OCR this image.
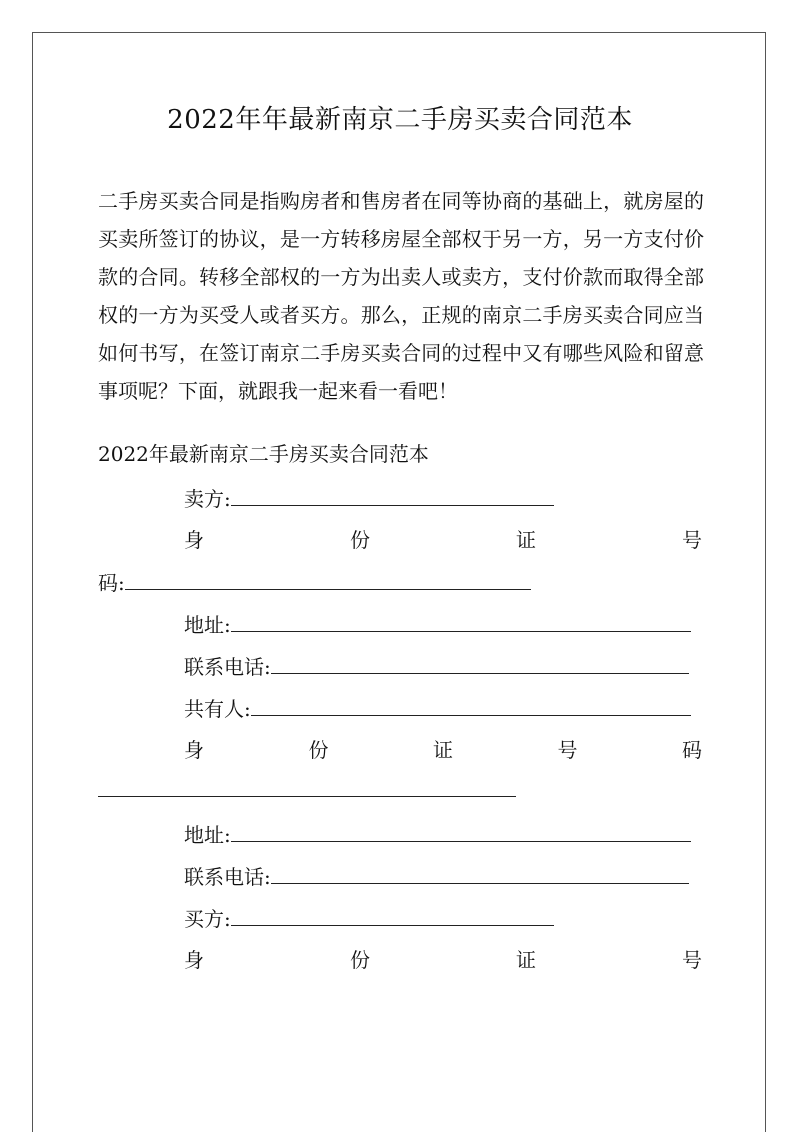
2022年年最新南京二手房买卖合同范本
二手房买卖合同是指购房者和售房者在同等协商的基础上，就房屋的买卖所签订的协议，是一方转移房屋全部权于另一方，另一方支付价款的合同。转移全部权的一方为出卖人或卖方，支付价款而取得全部权的一方为买受人或者买方。那么，正规的南京二手房买卖合同应当如何书写，在签订南京二手房买卖合同的过程中又有哪些风险和留意事项呢？下面，就跟我一起来看一看吧！
2022年最新南京二手房买卖合同范本
卖方:
身	份	证	号
码:
地址:
联系电话:
共有人:
身	份	证	号	码
地址:
联系电话:
买方:
身	份	证	号
